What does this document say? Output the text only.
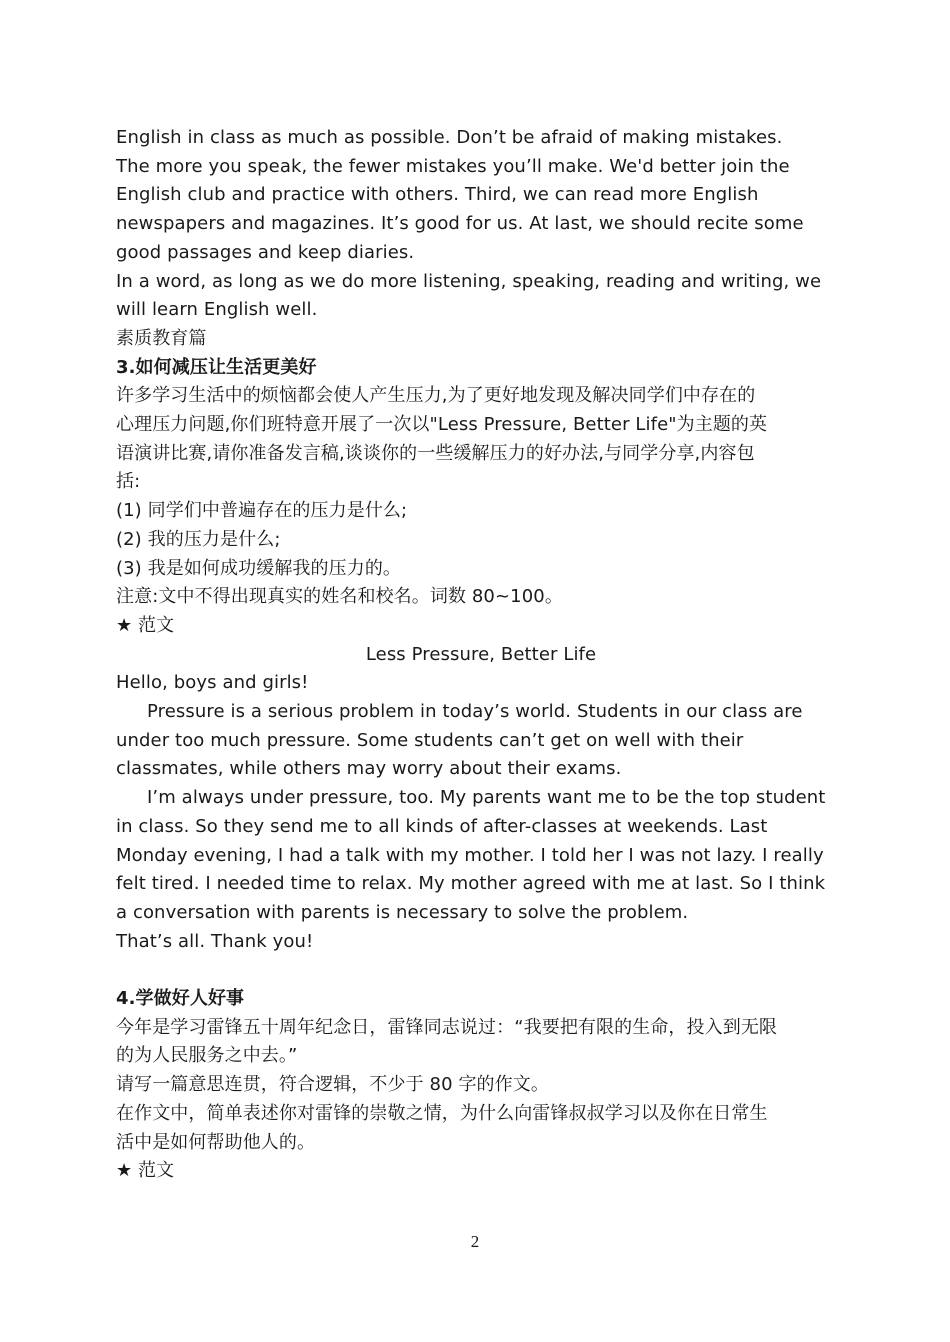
English in class as much as possible. Don’t be afraid of making mistakes.

The more you speak, the fewer mistakes you’ll make. We'd better join the

English club and practice with others. Third, we can read more English

newspapers and magazines. It’s good for us. At last, we should recite some

good passages and keep diaries.

In a word, as long as we do more listening, speaking, reading and writing, we

will learn English well.

素质教育篇

3.如何减压让生活更美好

许多学习生活中的烦恼都会使人产生压力,为了更好地发现及解决同学们中存在的

心理压力问题,你们班特意开展了一次以"Less Pressure, Better Life"为主题的英

语演讲比赛,请你准备发言稿,谈谈你的一些缓解压力的好办法,与同学分享,内容包

括:

(1) 同学们中普遍存在的压力是什么;

(2) 我的压力是什么;

(3) 我是如何成功缓解我的压力的。

注意:文中不得出现真实的姓名和校名。词数 80~100。

★ 范文

Less Pressure, Better Life

Hello, boys and girls!

Pressure is a serious problem in today’s world. Students in our class are

under too much pressure. Some students can’t get on well with their

classmates, while others may worry about their exams.

I’m always under pressure, too. My parents want me to be the top student

in class. So they send me to all kinds of after-classes at weekends. Last

Monday evening, I had a talk with my mother. I told her I was not lazy. I really

felt tired. I needed time to relax. My mother agreed with me at last. So I think

a conversation with parents is necessary to solve the problem.

That’s all. Thank you!

4.学做好人好事

今年是学习雷锋五十周年纪念日，雷锋同志说过：“我要把有限的生命，投入到无限

的为人民服务之中去。”

请写一篇意思连贯，符合逻辑，不少于 80 字的作文。

在作文中，简单表述你对雷锋的崇敬之情，为什么向雷锋叔叔学习以及你在日常生

活中是如何帮助他人的。

★ 范文

2
